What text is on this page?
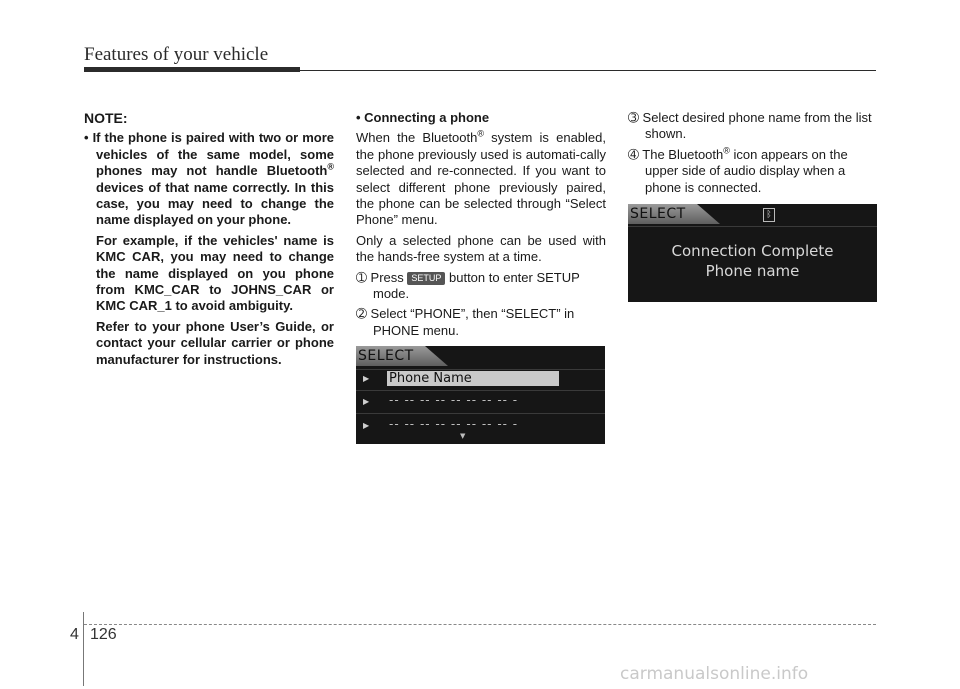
Features of your vehicle
NOTE:

• If the phone is paired with two or more vehicles of the same model, some phones may not handle Bluetooth® devices of that name correctly. In this case, you may need to change the name displayed on your phone.

For example, if the vehicles' name is KMC CAR, you may need to change the name displayed on you phone from KMC_CAR to JOHNS_CAR or KMC CAR_1 to avoid ambiguity.

Refer to your phone User’s Guide, or contact your cellular carrier or phone manufacturer for instructions.

• Connecting a phone

When the Bluetooth® system is enabled, the phone previously used is automati-cally selected and re-connected. If you want to select different phone previously paired, the phone can be selected through “Select Phone” menu.

Only a selected phone can be used with the hands-free system at a time.

➀ Press SETUP button to enter SETUP mode.

➁ Select “PHONE”, then “SELECT” in PHONE menu.

➂ Select desired phone name from the list shown.

➃ The Bluetooth® icon appears on the upper side of audio display when a phone is connected.

SELECT
▶ Phone Name
▶ -- -- -- -- -- -- -- -- -
▶ -- -- -- -- -- -- -- -- -
▼
SELECT	ᛒ
Connection Complete
Phone name
4 126
carmanualsonline.info
